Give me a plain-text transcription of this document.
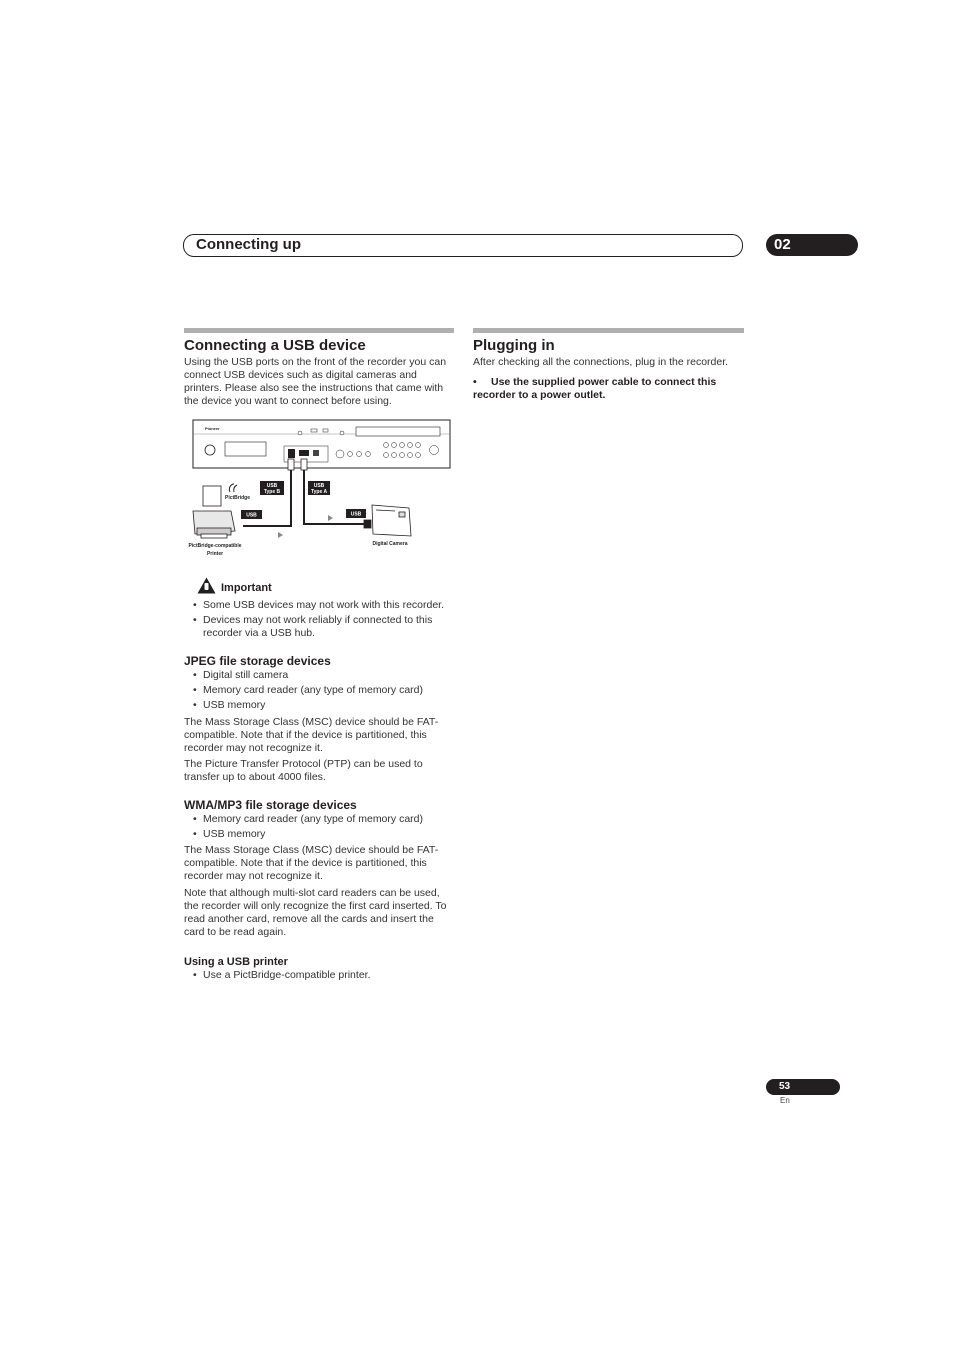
Connecting up	02
Connecting a USB device

Using the USB ports on the front of the recorder you can connect USB devices such as digital cameras and printers. Please also see the instructions that came with the device you want to connect before using.

Pioneer
USB
Type B
USB
Type A
USB	USB
PictBridge
PictBridge-compatible
Printer
Digital Camera
Important
• Some USB devices may not work with this recorder.
• Devices may not work reliably if connected to this recorder via a USB hub.
JPEG file storage devices
• Digital still camera
• Memory card reader (any type of memory card)
• USB memory

The Mass Storage Class (MSC) device should be FAT-compatible. Note that if the device is partitioned, this recorder may not recognize it.

The Picture Transfer Protocol (PTP) can be used to transfer up to about 4000 files.

WMA/MP3 file storage devices
• Memory card reader (any type of memory card)
• USB memory

The Mass Storage Class (MSC) device should be FAT-compatible. Note that if the device is partitioned, this recorder may not recognize it.

Note that although multi-slot card readers can be used, the recorder will only recognize the first card inserted. To read another card, remove all the cards and insert the card to be read again.

Using a USB printer
• Use a PictBridge-compatible printer.
Plugging in

After checking all the connections, plug in the recorder.

• Use the supplied power cable to connect this recorder to a power outlet.
53
En
